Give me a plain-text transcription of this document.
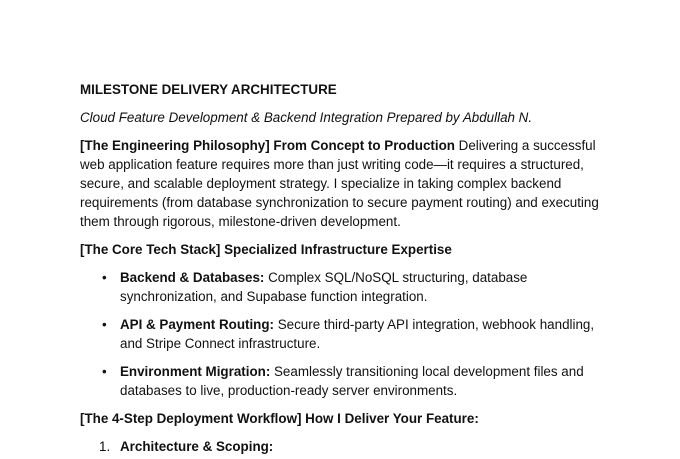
MILESTONE DELIVERY ARCHITECTURE
Cloud Feature Development & Backend Integration Prepared by Abdullah N.
[The Engineering Philosophy] From Concept to Production Delivering a successful web application feature requires more than just writing code—it requires a structured, secure, and scalable deployment strategy. I specialize in taking complex backend requirements (from database synchronization to secure payment routing) and executing them through rigorous, milestone-driven development.
[The Core Tech Stack] Specialized Infrastructure Expertise
• Backend & Databases: Complex SQL/NoSQL structuring, database synchronization, and Supabase function integration.
• API & Payment Routing: Secure third-party API integration, webhook handling, and Stripe Connect infrastructure.
• Environment Migration: Seamlessly transitioning local development files and databases to live, production-ready server environments.
[The 4-Step Deployment Workflow] How I Deliver Your Feature:
1. Architecture & Scoping:
